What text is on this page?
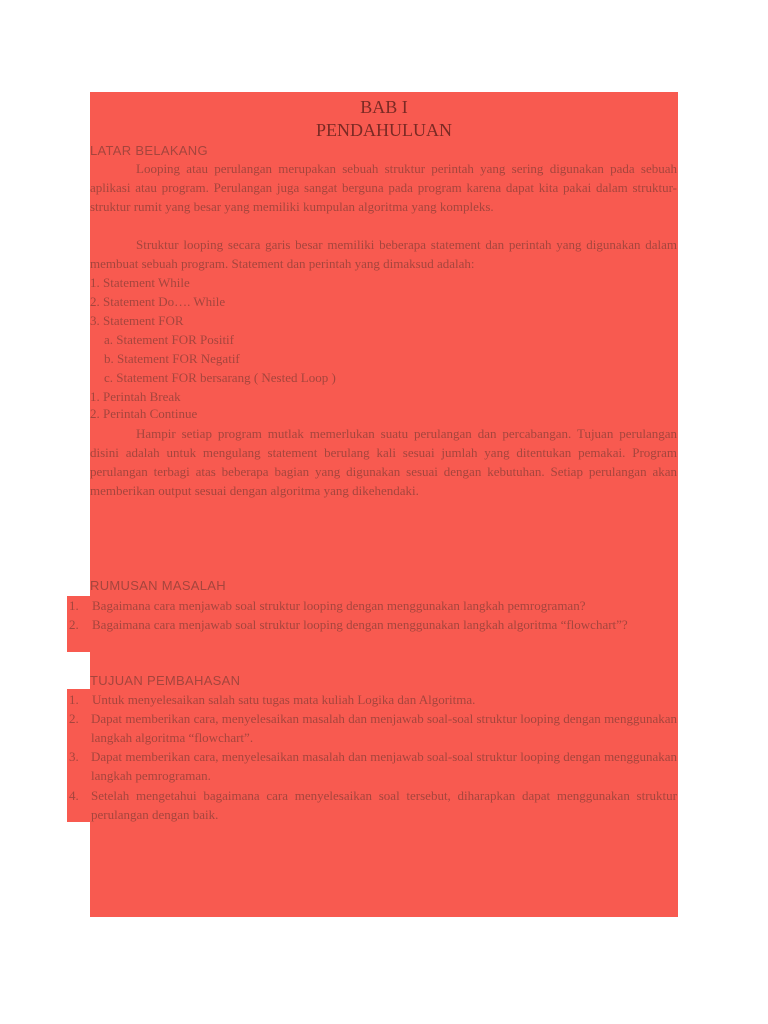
BAB I
PENDAHULUAN
LATAR BELAKANG
Looping atau perulangan merupakan sebuah struktur perintah yang sering digunakan pada sebuah aplikasi atau program. Perulangan juga sangat berguna pada program karena dapat kita pakai dalam struktur-struktur rumit yang besar yang memiliki kumpulan algoritma yang kompleks.
Struktur looping secara garis besar memiliki beberapa statement dan perintah yang digunakan dalam membuat sebuah program. Statement dan perintah yang dimaksud adalah:
1. Statement While
2. Statement Do…. While
3. Statement FOR
a. Statement FOR Positif
b. Statement FOR Negatif
c. Statement FOR bersarang ( Nested Loop )
1. Perintah Break
2. Perintah Continue
Hampir setiap program mutlak memerlukan suatu perulangan dan percabangan. Tujuan perulangan disini adalah untuk mengulang statement berulang kali sesuai jumlah yang ditentukan pemakai. Program perulangan terbagi atas beberapa bagian yang digunakan sesuai dengan kebutuhan. Setiap perulangan akan memberikan output sesuai dengan algoritma yang dikehendaki.
RUMUSAN MASALAH
1. Bagaimana cara menjawab soal struktur looping dengan menggunakan langkah pemrograman?
2. Bagaimana cara menjawab soal struktur looping dengan menggunakan langkah algoritma “flowchart”?
TUJUAN PEMBAHASAN
1. Untuk menyelesaikan salah satu tugas mata kuliah Logika dan Algoritma.
2. Dapat memberikan cara, menyelesaikan masalah dan menjawab soal-soal struktur looping dengan menggunakan langkah algoritma “flowchart”.
3. Dapat memberikan cara, menyelesaikan masalah dan menjawab soal-soal struktur looping dengan menggunakan langkah pemrograman.
4. Setelah mengetahui bagaimana cara menyelesaikan soal tersebut, diharapkan dapat menggunakan struktur perulangan dengan baik.
